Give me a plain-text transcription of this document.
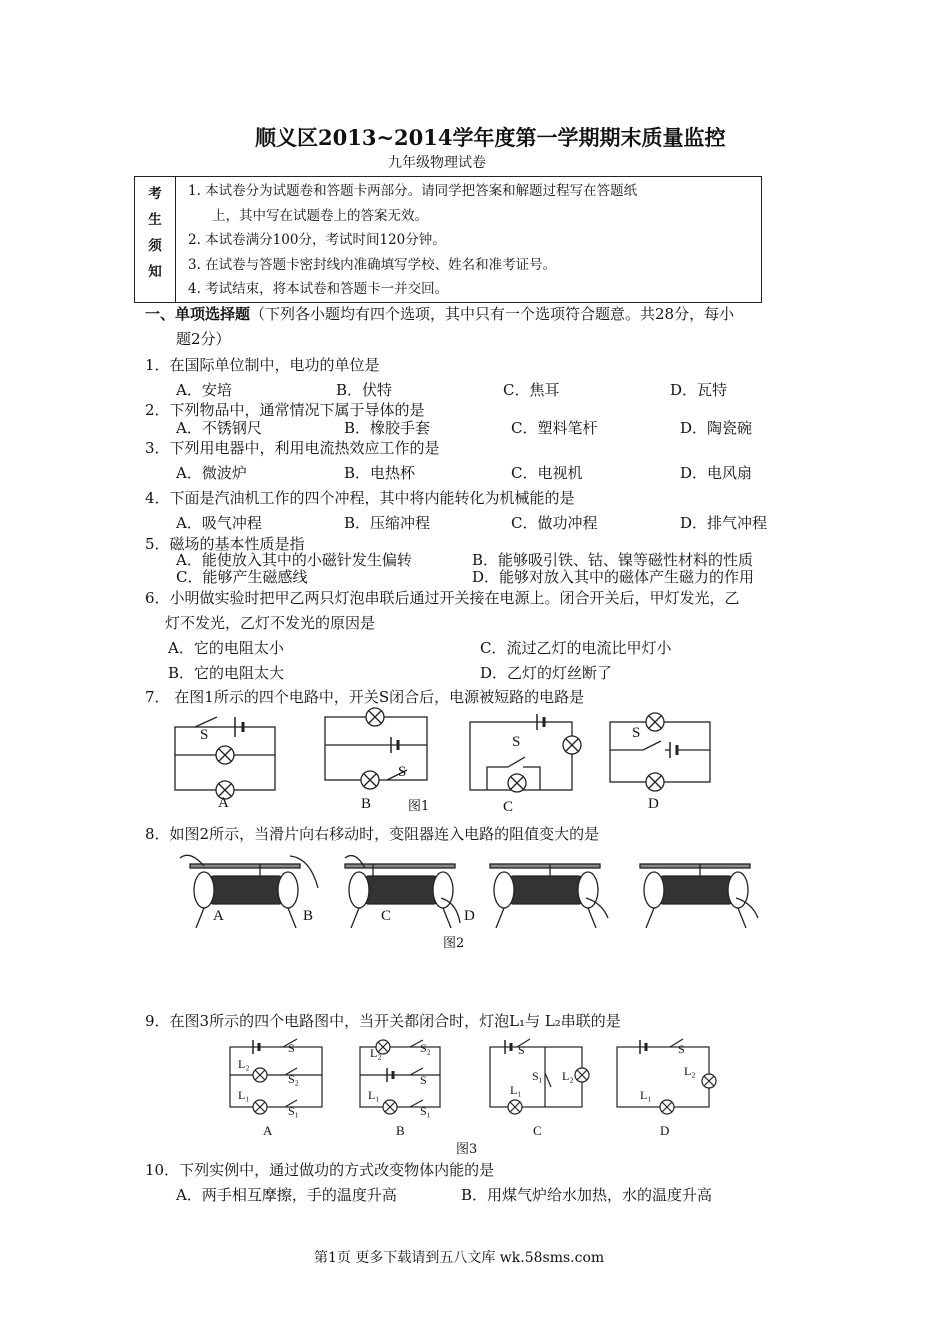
顺义区2013~2014学年度第一学期期末质量监控
九年级物理试卷
考
生
须
知

1. 本试卷分为试题卷和答题卡两部分。请同学把答案和解题过程写在答题纸
上，其中写在试题卷上的答案无效。
2. 本试卷满分100分，考试时间120分钟。
3. 在试卷与答题卡密封线内准确填写学校、姓名和准考证号。
4. 考试结束，将本试卷和答题卡一并交回。
一、单项选择题（下列各小题均有四个选项，其中只有一个选项符合题意。共28分，每小
题2分）
1．在国际单位制中，电功的单位是
A．安培	B．伏特	C．焦耳	D．瓦特
2．下列物品中，通常情况下属于导体的是
A．不锈钢尺	B．橡胶手套	C．塑料笔杆	D．陶瓷碗
3．下列用电器中，利用电流热效应工作的是
A．微波炉	B．电热杯	C．电视机	D．电风扇
4．下面是汽油机工作的四个冲程，其中将内能转化为机械能的是
A．吸气冲程	B．压缩冲程	C．做功冲程	D．排气冲程
5．磁场的基本性质是指
A．能使放入其中的小磁针发生偏转	B．能够吸引铁、钴、镍等磁性材料的性质
C．能够产生磁感线	D．能够对放入其中的磁体产生磁力的作用
6．小明做实验时把甲乙两只灯泡串联后通过开关接在电源上。闭合开关后，甲灯发光，乙
灯不发光，乙灯不发光的原因是
A．它的电阻太小	C．流过乙灯的电流比甲灯小
B．它的电阻太大	D．乙灯的灯丝断了
7． 在图1所示的四个电路中，开关S闭合后，电源被短路的电路是
S
S
S
S
A	B	图1	C	D
8．如图2所示，当滑片向右移动时，变阻器连入电路的阻值变大的是
A	B	C	D
图2
9．在图3所示的四个电路图中，当开关都闭合时，灯泡L₁与 L₂串联的是
S
L₂
S₂
L₁
S₁
A
L₂	S₂
S
L₁
S₁
B
S
S₁ L₂
L₁
C
S
L₂
L₁
D
图3
10．下列实例中，通过做功的方式改变物体内能的是
A．两手相互摩擦，手的温度升高	B．用煤气炉给水加热，水的温度升高
第1页 更多下载请到五八文库 wk.58sms.com
